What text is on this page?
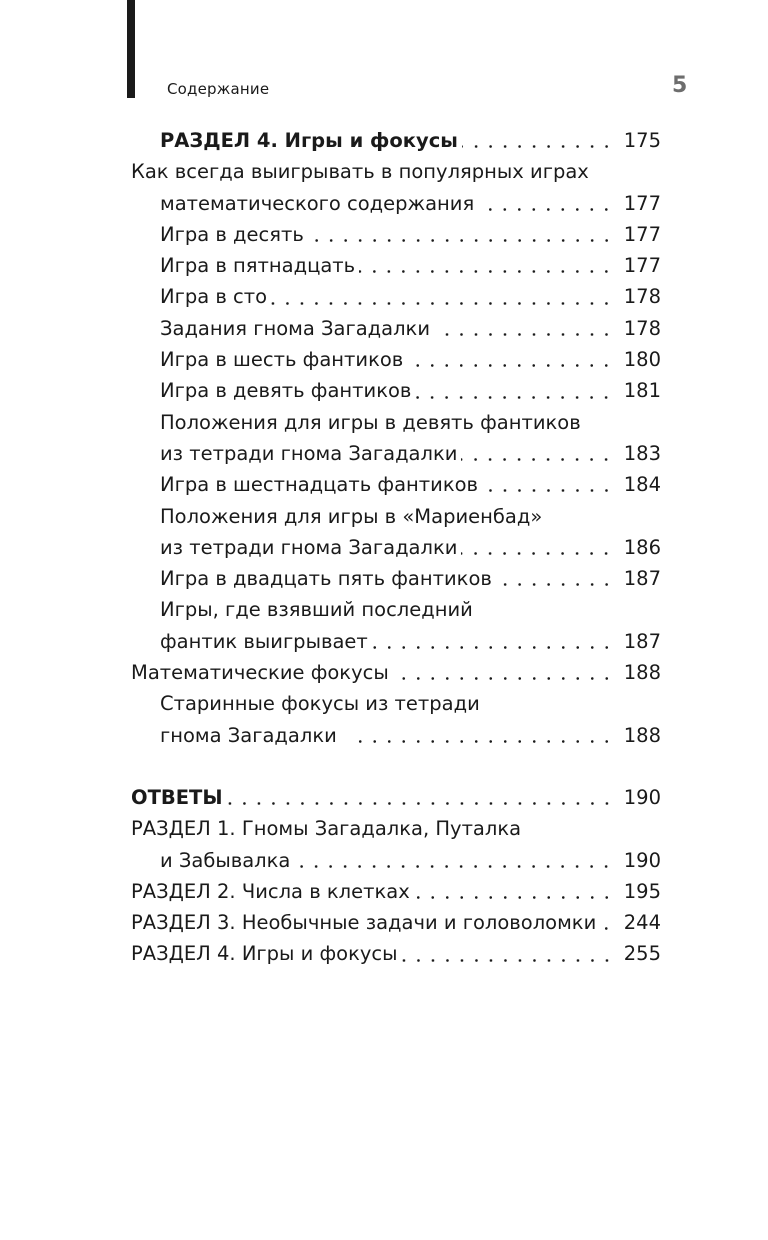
Содержание	5
РАЗДЕЛ 4. Игры и фокусы	175
Как всегда выигрывать в популярных играх
математического содержания	177
Игра в десять	177
Игра в пятнадцать	177
Игра в сто	178
Задания гнома Загадалки	178
Игра в шесть фантиков	180
Игра в девять фантиков	181
Положения для игры в девять фантиков
из тетради гнома Загадалки	183
Игра в шестнадцать фантиков	184
Положения для игры в «Мариенбад»
из тетради гнома Загадалки	186
Игра в двадцать пять фантиков	187
Игры, где взявший последний
фантик выигрывает	187
Математические фокусы	188
Старинные фокусы из тетради
гнома Загадалки	188
ОТВЕТЫ	190
РАЗДЕЛ 1. Гномы Загадалка, Путалка
и Забывалка	190
РАЗДЕЛ 2. Числа в клетках	195
РАЗДЕЛ 3. Необычные задачи и головоломки 244
РАЗДЕЛ 4. Игры и фокусы	255
